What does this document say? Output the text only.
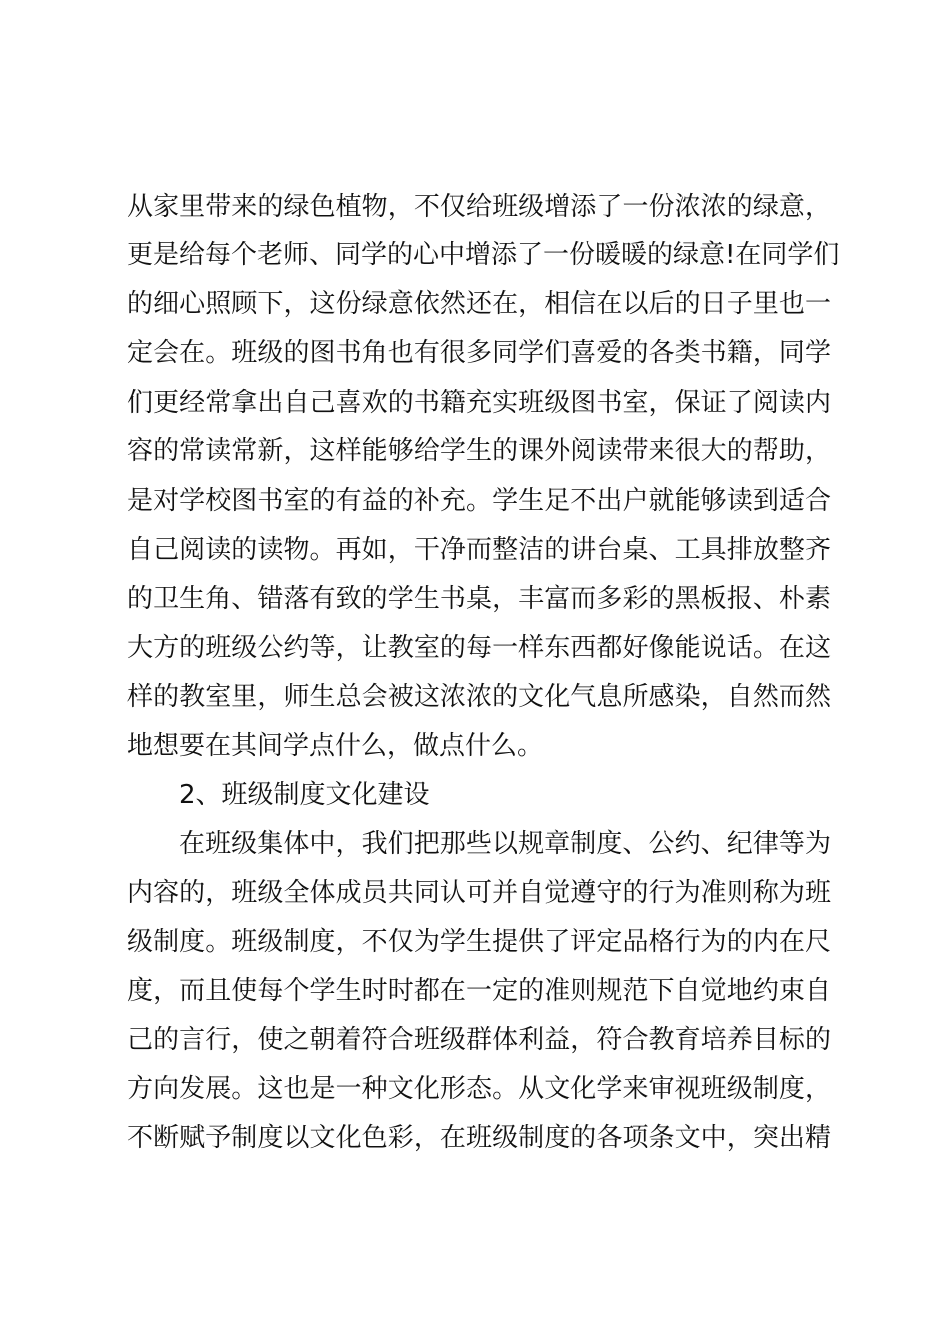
从家里带来的绿色植物，不仅给班级增添了一份浓浓的绿意，
更是给每个老师、同学的心中增添了一份暖暖的绿意!在同学们
的细心照顾下，这份绿意依然还在，相信在以后的日子里也一
定会在。班级的图书角也有很多同学们喜爱的各类书籍，同学
们更经常拿出自己喜欢的书籍充实班级图书室，保证了阅读内
容的常读常新，这样能够给学生的课外阅读带来很大的帮助，
是对学校图书室的有益的补充。学生足不出户就能够读到适合
自己阅读的读物。再如，干净而整洁的讲台桌、工具排放整齐
的卫生角、错落有致的学生书桌，丰富而多彩的黑板报、朴素
大方的班级公约等，让教室的每一样东西都好像能说话。在这
样的教室里，师生总会被这浓浓的文化气息所感染，自然而然
地想要在其间学点什么，做点什么。
2、班级制度文化建设
在班级集体中，我们把那些以规章制度、公约、纪律等为
内容的，班级全体成员共同认可并自觉遵守的行为准则称为班
级制度。班级制度，不仅为学生提供了评定品格行为的内在尺
度，而且使每个学生时时都在一定的准则规范下自觉地约束自
己的言行，使之朝着符合班级群体利益，符合教育培养目标的
方向发展。这也是一种文化形态。从文化学来审视班级制度，
不断赋予制度以文化色彩，在班级制度的各项条文中，突出精
